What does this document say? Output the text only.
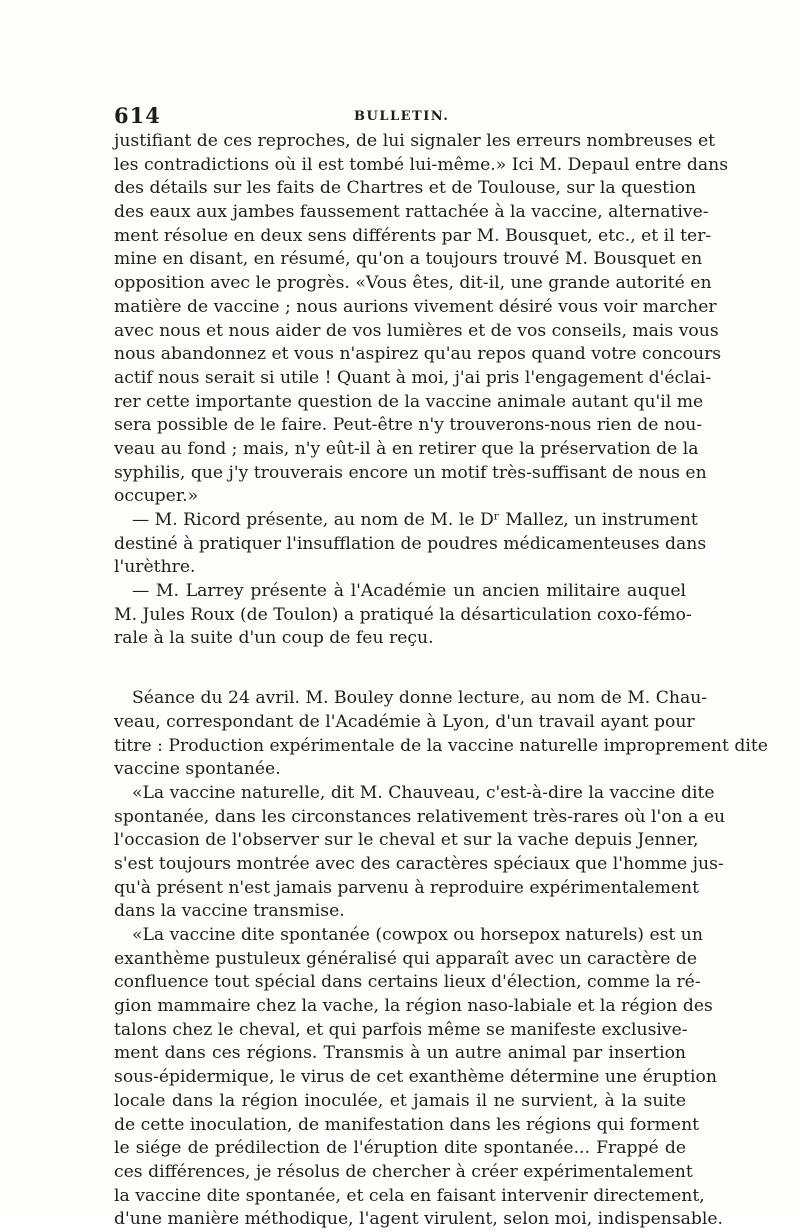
614	BULLETIN.
justifiant de ces reproches, de lui signaler les erreurs nombreuses et
les contradictions où il est tombé lui-même.» Ici M. Depaul entre dans
des détails sur les faits de Chartres et de Toulouse, sur la question
des eaux aux jambes faussement rattachée à la vaccine, alternative-
ment résolue en deux sens différents par M. Bousquet, etc., et il ter-
mine en disant, en résumé, qu'on a toujours trouvé M. Bousquet en
opposition avec le progrès. «Vous êtes, dit-il, une grande autorité en
matière de vaccine ; nous aurions vivement désiré vous voir marcher
avec nous et nous aider de vos lumières et de vos conseils, mais vous
nous abandonnez et vous n'aspirez qu'au repos quand votre concours
actif nous serait si utile ! Quant à moi, j'ai pris l'engagement d'éclai-
rer cette importante question de la vaccine animale autant qu'il me
sera possible de le faire. Peut-être n'y trouverons-nous rien de nou-
veau au fond ; mais, n'y eût-il à en retirer que la préservation de la
syphilis, que j'y trouverais encore un motif très-suffisant de nous en
occuper.»
— M. Ricord présente, au nom de M. le Dʳ Mallez, un instrument
destiné à pratiquer l'insufflation de poudres médicamenteuses dans
l'urèthre.
— M. Larrey présente à l'Académie un ancien militaire auquel
M. Jules Roux (de Toulon) a pratiqué la désarticulation coxo-fémo-
rale à la suite d'un coup de feu reçu.
Séance du 24 avril. M. Bouley donne lecture, au nom de M. Chau-
veau, correspondant de l'Académie à Lyon, d'un travail ayant pour
titre : Production expérimentale de la vaccine naturelle improprement dite
vaccine spontanée.
«La vaccine naturelle, dit M. Chauveau, c'est-à-dire la vaccine dite
spontanée, dans les circonstances relativement très-rares où l'on a eu
l'occasion de l'observer sur le cheval et sur la vache depuis Jenner,
s'est toujours montrée avec des caractères spéciaux que l'homme jus-
qu'à présent n'est jamais parvenu à reproduire expérimentalement
dans la vaccine transmise.
«La vaccine dite spontanée (cowpox ou horsepox naturels) est un
exanthème pustuleux généralisé qui apparaît avec un caractère de
confluence tout spécial dans certains lieux d'élection, comme la ré-
gion mammaire chez la vache, la région naso-labiale et la région des
talons chez le cheval, et qui parfois même se manifeste exclusive-
ment dans ces régions. Transmis à un autre animal par insertion
sous-épidermique, le virus de cet exanthème détermine une éruption
locale dans la région inoculée, et jamais il ne survient, à la suite
de cette inoculation, de manifestation dans les régions qui forment
le siége de prédilection de l'éruption dite spontanée... Frappé de
ces différences, je résolus de chercher à créer expérimentalement
la vaccine dite spontanée, et cela en faisant intervenir directement,
d'une manière méthodique, l'agent virulent, selon moi, indispensable.
